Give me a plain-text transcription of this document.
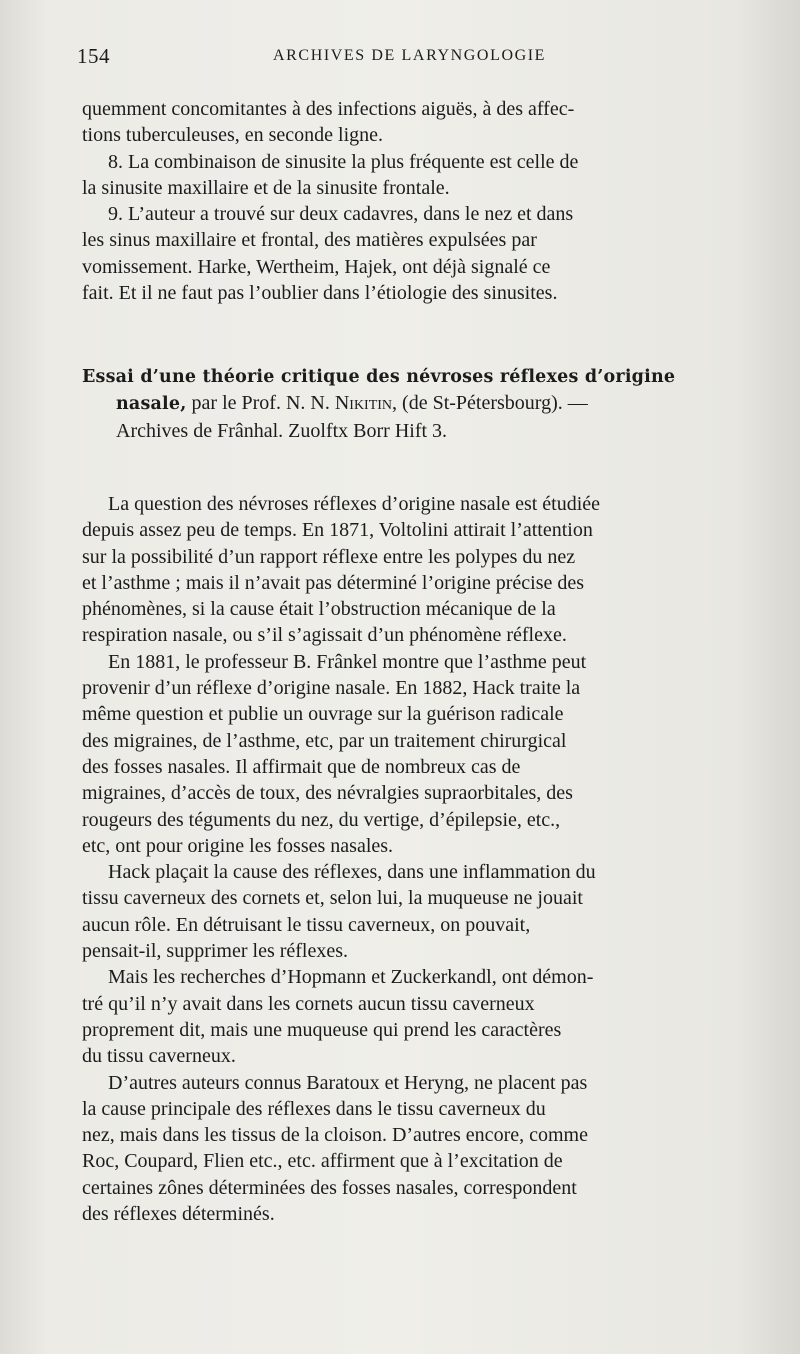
154	ARCHIVES DE LARYNGOLOGIE
quemment concomitantes à des infections aiguës, à des affec-
tions tuberculeuses, en seconde ligne.
8. La combinaison de sinusite la plus fréquente est celle de
la sinusite maxillaire et de la sinusite frontale.
9. L’auteur a trouvé sur deux cadavres, dans le nez et dans
les sinus maxillaire et frontal, des matières expulsées par
vomissement. Harke, Wertheim, Hajek, ont déjà signalé ce
fait. Et il ne faut pas l’oublier dans l’étiologie des sinusites.
Essai d’une théorie critique des névroses réflexes d’origine
nasale, par le Prof. N. N. Nikitin, (de St-Pétersbourg). —
Archives de Frânhal. Zuolftx Borr Hift 3.
La question des névroses réflexes d’origine nasale est étudiée
depuis assez peu de temps. En 1871, Voltolini attirait l’attention
sur la possibilité d’un rapport réflexe entre les polypes du nez
et l’asthme ; mais il n’avait pas déterminé l’origine précise des
phénomènes, si la cause était l’obstruction mécanique de la
respiration nasale, ou s’il s’agissait d’un phénomène réflexe.
En 1881, le professeur B. Frânkel montre que l’asthme peut
provenir d’un réflexe d’origine nasale. En 1882, Hack traite la
même question et publie un ouvrage sur la guérison radicale
des migraines, de l’asthme, etc, par un traitement chirurgical
des fosses nasales. Il affirmait que de nombreux cas de
migraines, d’accès de toux, des névralgies supraorbitales, des
rougeurs des téguments du nez, du vertige, d’épilepsie, etc.,
etc, ont pour origine les fosses nasales.
Hack plaçait la cause des réflexes, dans une inflammation du
tissu caverneux des cornets et, selon lui, la muqueuse ne jouait
aucun rôle. En détruisant le tissu caverneux, on pouvait,
pensait-il, supprimer les réflexes.
Mais les recherches d’Hopmann et Zuckerkandl, ont démon-
tré qu’il n’y avait dans les cornets aucun tissu caverneux
proprement dit, mais une muqueuse qui prend les caractères
du tissu caverneux.
D’autres auteurs connus Baratoux et Heryng, ne placent pas
la cause principale des réflexes dans le tissu caverneux du
nez, mais dans les tissus de la cloison. D’autres encore, comme
Roc, Coupard, Flien etc., etc. affirment que à l’excitation de
certaines zônes déterminées des fosses nasales, correspondent
des réflexes déterminés.
